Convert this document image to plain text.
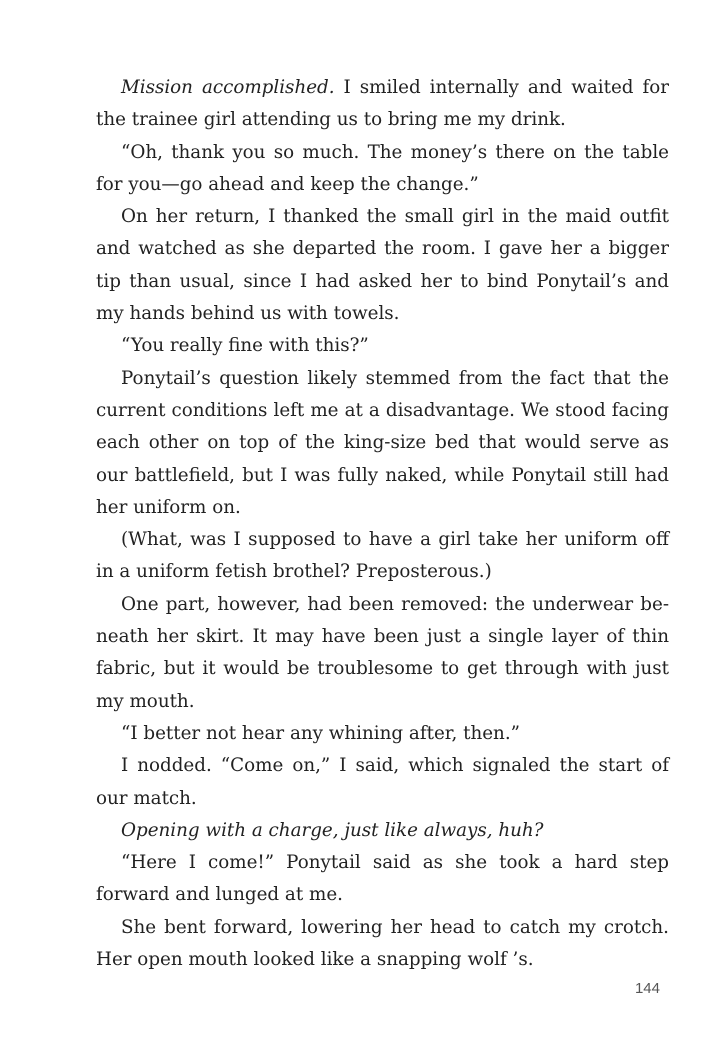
Mission accomplished. I smiled internally and waited for the trainee girl attending us to bring me my drink.

“Oh, thank you so much. The money’s there on the table for you—go ahead and keep the change.”

On her return, I thanked the small girl in the maid outfit and watched as she departed the room. I gave her a bigger tip than usual, since I had asked her to bind Ponytail’s and my hands behind us with towels.

“You really fine with this?”

Ponytail’s question likely stemmed from the fact that the current conditions left me at a disadvantage. We stood facing each other on top of the king-size bed that would serve as our battlefield, but I was fully naked, while Ponytail still had her uniform on.

(What, was I supposed to have a girl take her uniform off in a uniform fetish brothel? Preposterous.)

One part, however, had been removed: the underwear beneath her skirt. It may have been just a single layer of thin fabric, but it would be troublesome to get through with just my mouth.

“I better not hear any whining after, then.”

I nodded. “Come on,” I said, which signaled the start of our match.

Opening with a charge, just like always, huh?

“Here I come!” Ponytail said as she took a hard step forward and lunged at me.

She bent forward, lowering her head to catch my crotch. Her open mouth looked like a snapping wolf ’s.

144
